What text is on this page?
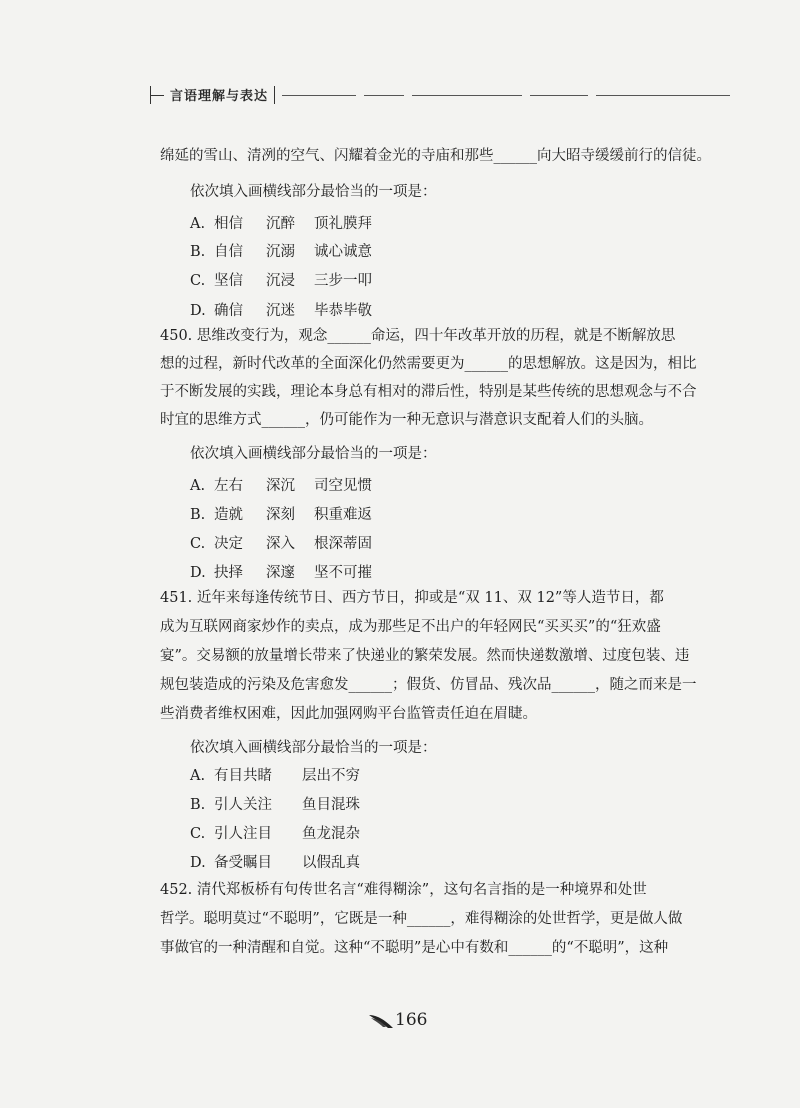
言语理解与表达
绵延的雪山、清冽的空气、闪耀着金光的寺庙和那些______向大昭寺缓缓前行的信徒。
依次填入画横线部分最恰当的一项是：
A. 相信 沉醉 顶礼膜拜
B. 自信 沉溺 诚心诚意
C. 坚信 沉浸 三步一叩
D. 确信 沉迷 毕恭毕敬
450. 思维改变行为，观念______命运，四十年改革开放的历程，就是不断解放思
想的过程，新时代改革的全面深化仍然需要更为______的思想解放。这是因为，相比
于不断发展的实践，理论本身总有相对的滞后性，特别是某些传统的思想观念与不合
时宜的思维方式______，仍可能作为一种无意识与潜意识支配着人们的头脑。
依次填入画横线部分最恰当的一项是：
A. 左右 深沉 司空见惯
B. 造就 深刻 积重难返
C. 决定 深入 根深蒂固
D. 抉择 深邃 坚不可摧
451. 近年来每逢传统节日、西方节日，抑或是“双 11、双 12”等人造节日，都
成为互联网商家炒作的卖点，成为那些足不出户的年轻网民“买买买”的“狂欢盛
宴”。交易额的放量增长带来了快递业的繁荣发展。然而快递数激增、过度包装、违
规包装造成的污染及危害愈发______；假货、仿冒品、残次品______，随之而来是一
些消费者维权困难，因此加强网购平台监管责任迫在眉睫。
依次填入画横线部分最恰当的一项是：
A. 有目共睹 层出不穷
B. 引人关注 鱼目混珠
C. 引人注目 鱼龙混杂
D. 备受瞩目 以假乱真
452. 清代郑板桥有句传世名言“难得糊涂”，这句名言指的是一种境界和处世
哲学。聪明莫过“不聪明”，它既是一种______，难得糊涂的处世哲学，更是做人做
事做官的一种清醒和自觉。这种“不聪明”是心中有数和______的“不聪明”，这种
166
